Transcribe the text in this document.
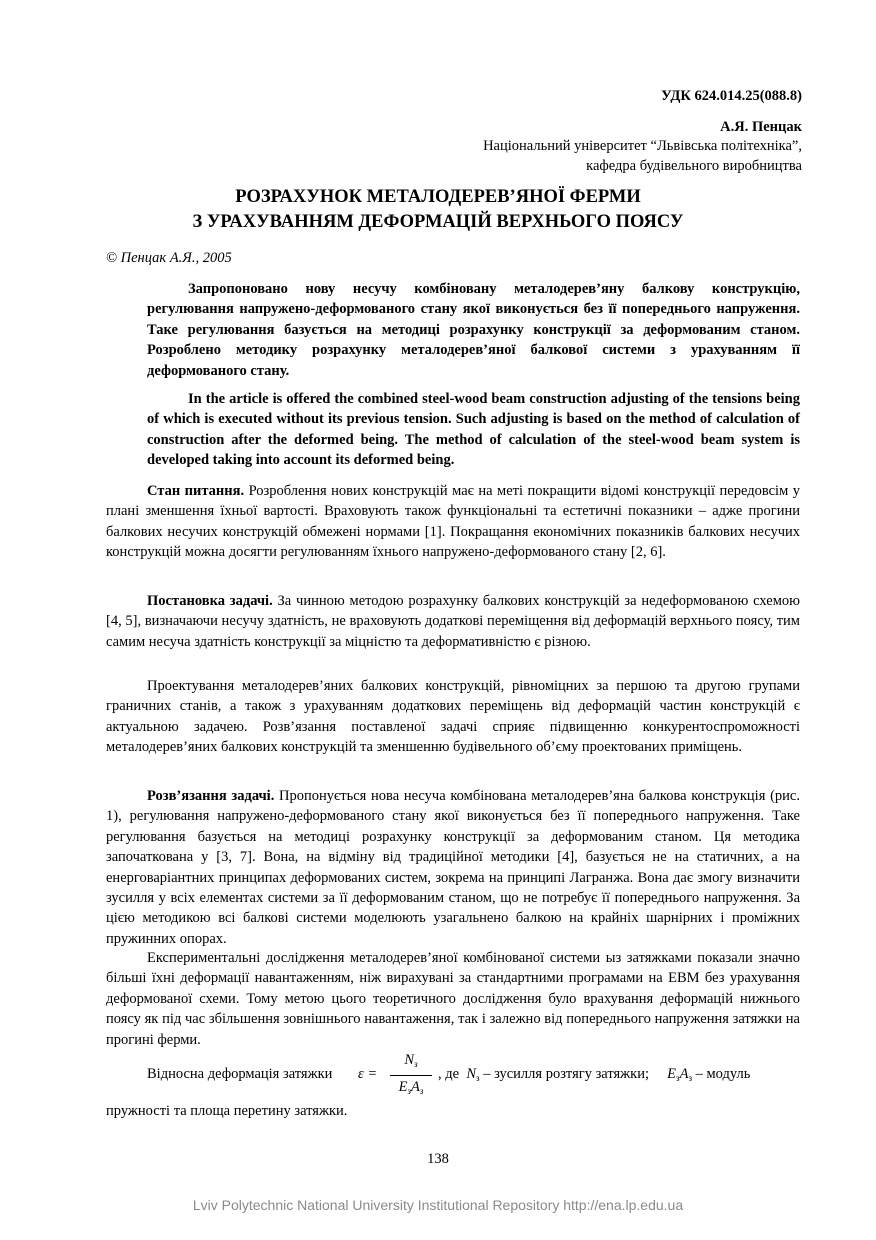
УДК 624.014.25(088.8)
А.Я. Пенцак
Національний університет “Львівська політехніка”,
кафедра будівельного виробництва
РОЗРАХУНОК МЕТАЛОДЕРЕВ’ЯНОЇ ФЕРМИ
З УРАХУВАННЯМ ДЕФОРМАЦІЙ ВЕРХНЬОГО ПОЯСУ
© Пенцак А.Я., 2005

Запропоновано нову несучу комбіновану металодерев’яну балкову конструкцію, регулювання напружено-деформованого стану якої виконується без її попереднього напруження. Таке регулювання базується на методиці розрахунку конструкції за деформованим станом. Розроблено методику розрахунку металодерев’яної балкової системи з урахуванням її деформованого стану.

In the article is offered the combined steel-wood beam construction adjusting of the tensions being of which is executed without its previous tension. Such adjusting is based on the method of calculation of construction after the deformed being. The method of calculation of the steel-wood beam system is developed taking into account its deformed being.

Стан питання. Розроблення нових конструкцій має на меті покращити відомі конструкції передовсім у плані зменшення їхньої вартості. Враховують також функціональні та естетичні показники – адже прогини балкових несучих конструкцій обмежені нормами [1]. Покращання економічних показників балкових несучих конструкцій можна досягти регулюванням їхнього напружено-деформованого стану [2, 6].

Постановка задачі. За чинною методою розрахунку балкових конструкцій за недеформованою схемою [4, 5], визначаючи несучу здатність, не враховують додаткові переміщення від деформацій верхнього поясу, тим самим несуча здатність конструкції за міцністю та деформативністю є різною.

Проектування металодерев’яних балкових конструкцій, рівноміцних за першою та другою групами граничних станів, а також з урахуванням додаткових переміщень від деформацій частин конструкцій є актуальною задачею. Розв’язання поставленої задачі сприяє підвищенню конкурентоспроможності металодерев’яних балкових конструкцій та зменшенню будівельного об’єму проектованих приміщень.

Розв’язання задачі. Пропонується нова несуча комбінована металодерев’яна балкова конструкція (рис. 1), регулювання напружено-деформованого стану якої виконується без її попереднього напруження. Таке регулювання базується на методиці розрахунку конструкції за деформованим станом. Ця методика започаткована у [3, 7]. Вона, на відміну від традиційної методики [4], базується не на статичних, а на енерговаріантних принципах деформованих систем, зокрема на принципі Лагранжа. Вона дає змогу визначити зусилля у всіх елементах системи за її деформованим станом, що не потребує її попереднього напруження. За цією методикою всі балкові системи моделюють узагальнено балкою на крайніх шарнірних і проміжних пружинних опорах.

Експериментальні дослідження металодерев’яної комбінованої системи ыз затяжками показали значно більші їхні деформації навантаженням, ніж вирахувані за стандартними програмами на ЕВМ без урахування деформованої схеми. Тому метою цього теоретичного дослідження було врахування деформацій нижнього поясу як під час збільшення зовнішнього навантаження, так і залежно від попереднього напруження затяжки на прогині ферми.

Відносна деформація затяжки ε =
$N_з$
$E_зA_з$
, де $N_з$ – зусилля розтягу затяжки; $E_зA_з$ – модуль
пружності та площа перетину затяжки.
138
Lviv Polytechnic National University Institutional Repository http://ena.lp.edu.ua
